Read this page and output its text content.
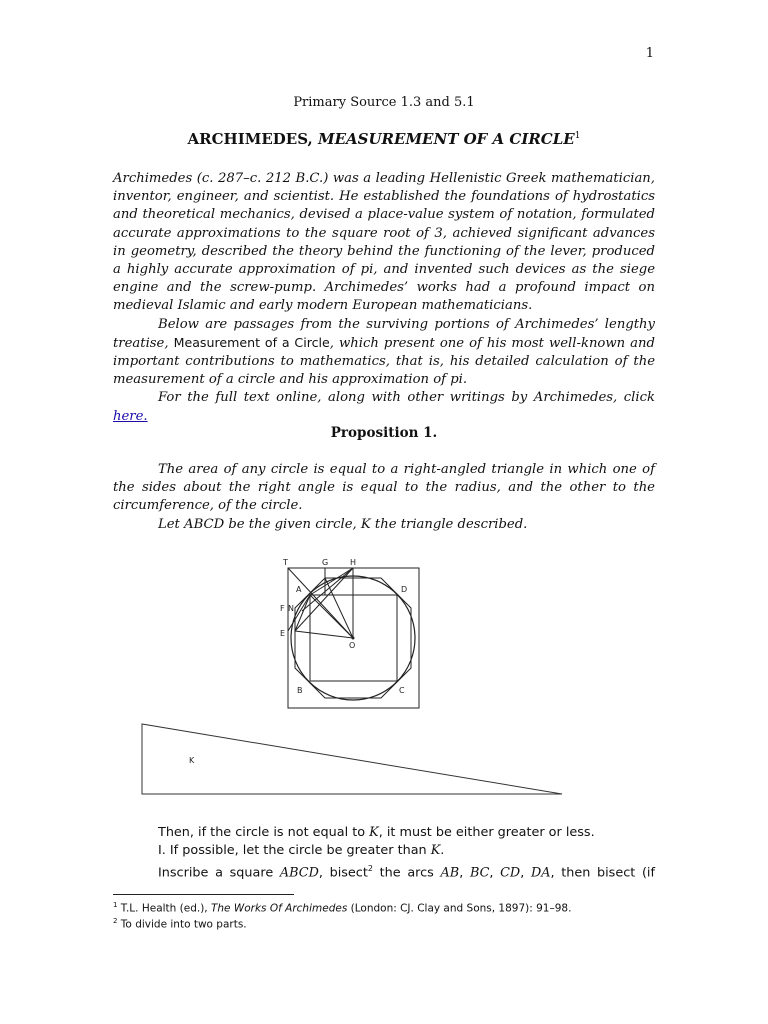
1
Primary Source 1.3 and 5.1
ARCHIMEDES, MEASUREMENT OF A CIRCLE$^1$
Archimedes (c. 287–c. 212 B.C.) was a leading Hellenistic Greek mathematician, inventor, engineer, and scientist. He established the foundations of hydrostatics and theoretical mechanics, devised a place-value system of notation, formulated accurate approximations to the square root of 3, achieved significant advances in geometry, described the theory behind the functioning of the lever, produced a highly accurate approximation of pi, and invented such devices as the siege engine and the screw-pump. Archimedes’ works had a profound impact on medieval Islamic and early modern European mathematicians.
Below are passages from the surviving portions of Archimedes’ lengthy treatise, Measurement of a Circle, which present one of his most well-known and important contributions to mathematics, that is, his detailed calculation of the measurement of a circle and his approximation of pi.
For the full text online, along with other writings by Archimedes, click here.
Proposition 1.
The area of any circle is equal to a right-angled triangle in which one of the sides about the right angle is equal to the radius, and the other to the circumference, of the circle.
Let ABCD be the given circle, K the triangle described.
T	G	H
A	D
F N
E
O
B	C
K
Then, if the circle is not equal to K, it must be either greater or less.
I. If possible, let the circle be greater than K.
Inscribe a square ABCD, bisect$^2$ the arcs AB, BC, CD, DA, then bisect (if
$^1$ T.L. Health (ed.), The Works Of Archimedes (London: CJ. Clay and Sons, 1897): 91–98.
$^2$ To divide into two parts.
